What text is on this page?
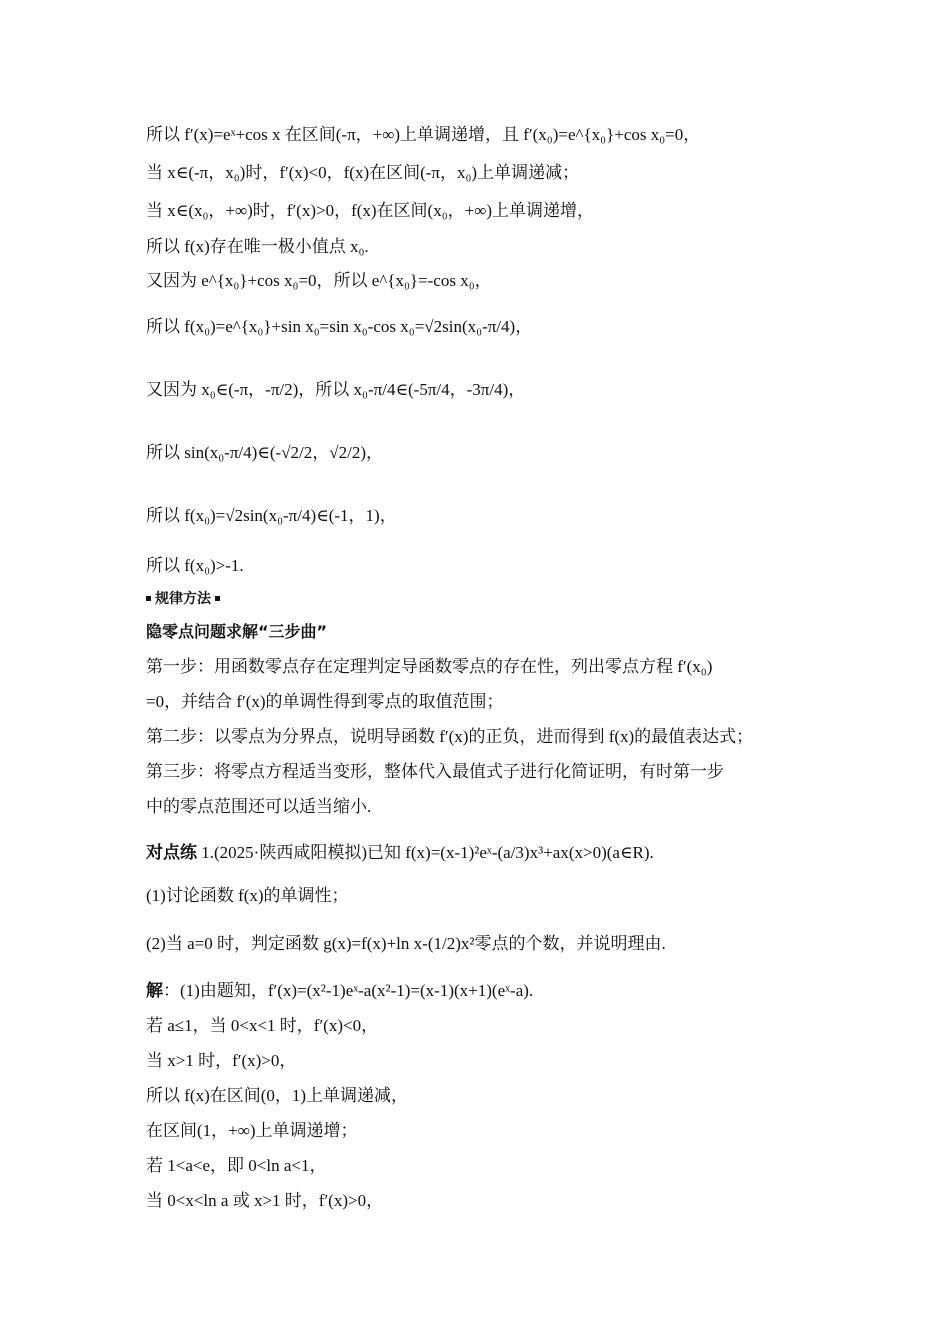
所以 f′(x)=eˣ+cos x 在区间(-π，+∞)上单调递增，且 f′(x₀)=e^{x₀}+cos x₀=0，
当 x∈(-π，x₀)时，f′(x)<0，f(x)在区间(-π，x₀)上单调递减；
当 x∈(x₀，+∞)时，f′(x)>0，f(x)在区间(x₀，+∞)上单调递增，
所以 f(x)存在唯一极小值点 x₀.
又因为 e^{x₀}+cos x₀=0，所以 e^{x₀}=-cos x₀，
所以 f(x₀)=e^{x₀}+sin x₀=sin x₀-cos x₀=√2sin(x₀-π/4)，
又因为 x₀∈(-π，-π/2)，所以 x₀-π/4∈(-5π/4，-3π/4)，
所以 sin(x₀-π/4)∈(-√2/2，√2/2)，
所以 f(x₀)=√2sin(x₀-π/4)∈(-1，1)，
所以 f(x₀)>-1.
第一步：用函数零点存在定理判定导函数零点的存在性，列出零点方程 f′(x₀)
=0，并结合 f′(x)的单调性得到零点的取值范围；
第二步：以零点为分界点，说明导函数 f′(x)的正负，进而得到 f(x)的最值表达式；
第三步：将零点方程适当变形，整体代入最值式子进行化简证明，有时第一步
中的零点范围还可以适当缩小.
(1)讨论函数 f(x)的单调性；
(2)当 a=0 时，判定函数 g(x)=f(x)+ln x-(1/2)x²零点的个数，并说明理由.
若 a≤1，当 0<x<1 时，f′(x)<0，
当 x>1 时，f′(x)>0，
所以 f(x)在区间(0，1)上单调递减，
在区间(1，+∞)上单调递增；
若 1<a<e，即 0<ln a<1，
当 0<x<ln a 或 x>1 时，f′(x)>0，
规律方法
隐零点问题求解“三步曲”
对点练 1.(2025·陕西咸阳模拟)已知 f(x)=(x-1)²eˣ-(a/3)x³+ax(x>0)(a∈R).
解：(1)由题知，f′(x)=(x²-1)eˣ-a(x²-1)=(x-1)(x+1)(eˣ-a).
